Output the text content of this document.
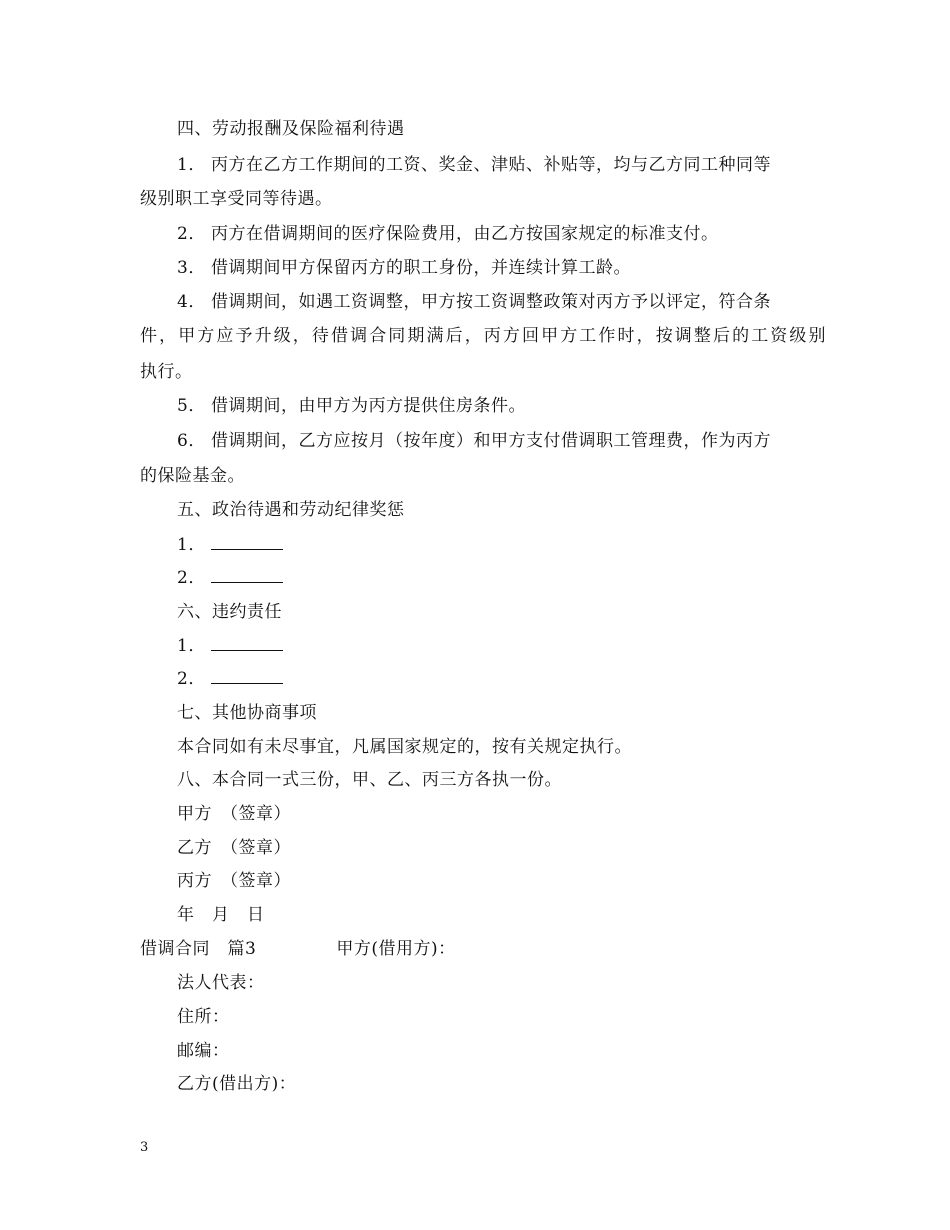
四、劳动报酬及保险福利待遇
1． 丙方在乙方工作期间的工资、奖金、津贴、补贴等，均与乙方同工种同等
级别职工享受同等待遇。
2． 丙方在借调期间的医疗保险费用，由乙方按国家规定的标准支付。
3． 借调期间甲方保留丙方的职工身份，并连续计算工龄。
4． 借调期间，如遇工资调整，甲方按工资调整政策对丙方予以评定，符合条
件，甲方应予升级，待借调合同期满后，丙方回甲方工作时，按调整后的工资级别
执行。
5． 借调期间，由甲方为丙方提供住房条件。
6． 借调期间，乙方应按月（按年度）和甲方支付借调职工管理费，作为丙方
的保险基金。
五、政治待遇和劳动纪律奖惩
1．
2．
六、违约责任
1．
2．
七、其他协商事项
本合同如有未尽事宜，凡属国家规定的，按有关规定执行。
八、本合同一式三份，甲、乙、丙三方各执一份。
甲方　（签章）
乙方　（签章）
丙方　（签章）
年　月　日
借调合同　篇3	甲方(借用方)：
法人代表：
住所：
邮编：
乙方(借出方)：
3
